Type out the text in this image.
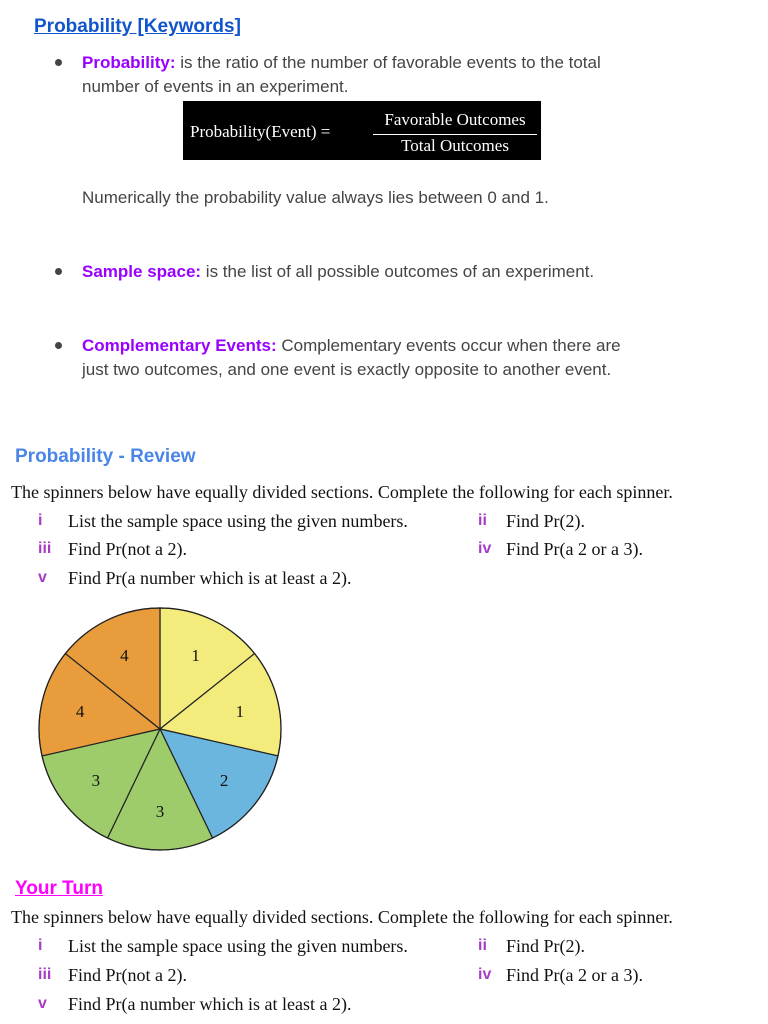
Probability [Keywords]
Probability: is the ratio of the number of favorable events to the total
number of events in an experiment.
Probability(Event) =
Favorable Outcomes
Total Outcomes
Numerically the probability value always lies between 0 and 1.
Sample space: is the list of all possible outcomes of an experiment.
Complementary Events: Complementary events occur when there are
just two outcomes, and one event is exactly opposite to another event.
Probability - Review
The spinners below have equally divided sections. Complete the following for each spinner.
i List the sample space using the given numbers.	ii Find Pr(2).
iii Find Pr(not a 2).	iv Find Pr(a 2 or a 3).
v Find Pr(a number which is at least a 2).
1
1
2
3
3
4
4
Your Turn
The spinners below have equally divided sections. Complete the following for each spinner.
i List the sample space using the given numbers.	ii Find Pr(2).
iii Find Pr(not a 2).	iv Find Pr(a 2 or a 3).
v Find Pr(a number which is at least a 2).
